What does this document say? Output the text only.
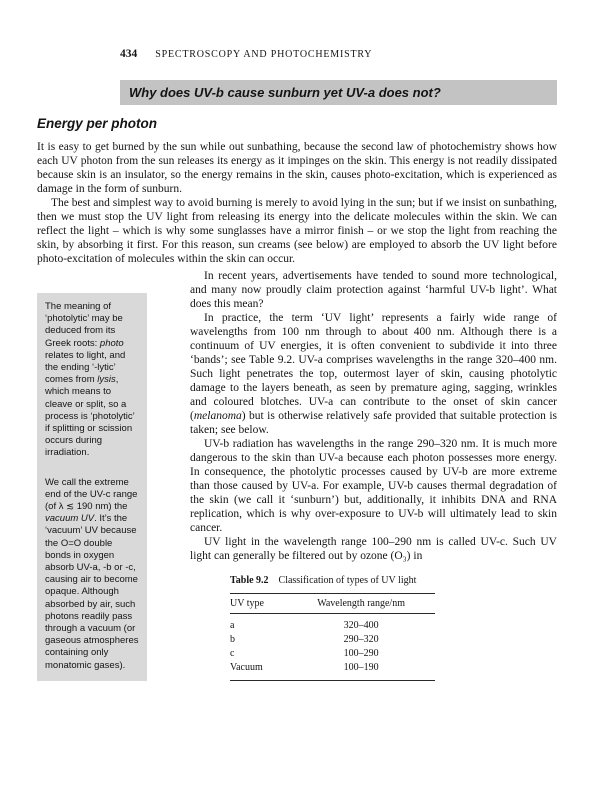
434 SPECTROSCOPY AND PHOTOCHEMISTRY
Why does UV-b cause sunburn yet UV-a does not?
Energy per photon

It is easy to get burned by the sun while out sunbathing, because the second law of photochemistry shows how each UV photon from the sun releases its energy as it impinges on the skin. This energy is not readily dissipated because skin is an insulator, so the energy remains in the skin, causes photo-excitation, which is experienced as damage in the form of sunburn.

The best and simplest way to avoid burning is merely to avoid lying in the sun; but if we insist on sunbathing, then we must stop the UV light from releasing its energy into the delicate molecules within the skin. We can reflect the light – which is why some sunglasses have a mirror finish – or we stop the light from reaching the skin, by absorbing it first. For this reason, sun creams (see below) are employed to absorb the UV light before photo-excitation of molecules within the skin can occur.

The meaning of ‘photolytic’ may be deduced from its Greek roots: photo relates to light, and the ending ‘-lytic’ comes from lysis, which means to cleave or split, so a process is ‘photolytic’ if splitting or scission occurs during irradiation.
We call the extreme end of the UV-c range (of λ ≲ 190 nm) the vacuum UV. It’s the ‘vacuum’ UV because the O=O double bonds in oxygen absorb UV-a, -b or -c, causing air to become opaque. Although absorbed by air, such photons readily pass through a vacuum (or gaseous atmospheres containing only monatomic gases).

In recent years, advertisements have tended to sound more technological, and many now proudly claim protection against ‘harmful UV-b light’. What does this mean?

In practice, the term ‘UV light’ represents a fairly wide range of wavelengths from 100 nm through to about 400 nm. Although there is a continuum of UV energies, it is often convenient to subdivide it into three ‘bands’; see Table 9.2. UV-a comprises wavelengths in the range 320–400 nm. Such light penetrates the top, outermost layer of skin, causing photolytic damage to the layers beneath, as seen by premature aging, sagging, wrinkles and coloured blotches. UV-a can contribute to the onset of skin cancer (melanoma) but is otherwise relatively safe provided that suitable protection is taken; see below.

UV-b radiation has wavelengths in the range 290–320 nm. It is much more dangerous to the skin than UV-a because each photon possesses more energy. In consequence, the photolytic processes caused by UV-b are more extreme than those caused by UV-a. For example, UV-b causes thermal degradation of the skin (we call it ‘sunburn’) but, additionally, it inhibits DNA and RNA replication, which is why over-exposure to UV-b will ultimately lead to skin cancer.

UV light in the wavelength range 100–290 nm is called UV-c. Such UV light can generally be filtered out by ozone (O₃) in

Table 9.2 Classification of types of UV light
UV type	Wavelength range/nm
a	320–400
b	290–320
c	100–290
Vacuum	100–190
